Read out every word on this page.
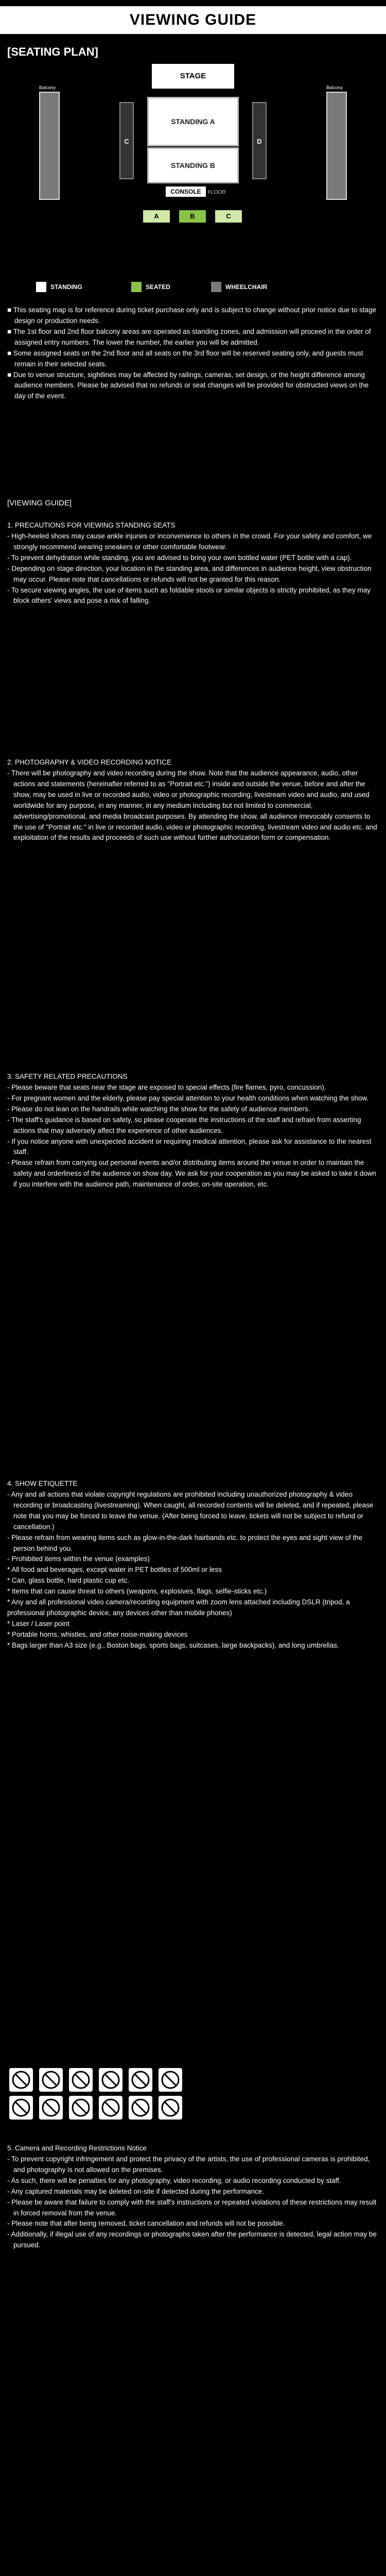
VIEWING GUIDE
[SEATING PLAN]
STAGE
Balcony	Balcony
C	D
STANDING A
STANDING B
CONSOLE	FLOOR
A	B	C
STANDING	SEATED	WHEELCHAIR

■ This seating map is for reference during ticket purchase only and is subject to change without prior notice due to stage design or production needs.

■ The 1st floor and 2nd floor balcony areas are operated as standing zones, and admission will proceed in the order of assigned entry numbers. The lower the number, the earlier you will be admitted.

■ Some assigned seats on the 2nd floor and all seats on the 3rd floor will be reserved seating only, and guests must remain in their selected seats.

■ Due to venue structure, sightlines may be affected by railings, cameras, set design, or the height difference among audience members. Please be advised that no refunds or seat changes will be provided for obstructed views on the day of the event.

[VIEWING GUIDE]

1. PRECAUTIONS FOR VIEWING STANDING SEATS

- High-heeled shoes may cause ankle injuries or inconvenience to others in the crowd. For your safety and comfort, we strongly recommend wearing sneakers or other comfortable footwear.

- To prevent dehydration while standing, you are advised to bring your own bottled water (PET bottle with a cap).

- Depending on stage direction, your location in the standing area, and differences in audience height, view obstruction may occur. Please note that cancellations or refunds will not be granted for this reason.

- To secure viewing angles, the use of items such as foldable stools or similar objects is strictly prohibited, as they may block others' views and pose a risk of falling.

2. PHOTOGRAPHY & VIDEO RECORDING NOTICE

- There will be photography and video recording during the show. Note that the audience appearance, audio, other actions and statements (hereinafter referred to as "Portrait etc.") inside and outside the venue, before and after the show, may be used in live or recorded audio, video or photographic recording, livestream video and audio, and used worldwide for any purpose, in any manner, in any medium including but not limited to commercial, advertising/promotional, and media broadcast purposes. By attending the show, all audience irrevocably consents to the use of "Portrait etc." in live or recorded audio, video or photographic recording, livestream video and audio etc. and exploitation of the results and proceeds of such use without further authorization form or compensation.

3. SAFETY RELATED PRECAUTIONS

- Please beware that seats near the stage are exposed to special effects (fire flames, pyro, concussion).

- For pregnant women and the elderly, please pay special attention to your health conditions when watching the show.

- Please do not lean on the handrails while watching the show for the safety of audience members.

- The staff's guidance is based on safety, so please cooperate the instructions of the staff and refrain from asserting actions that may adversely affect the experience of other audiences.

- If you notice anyone with unexpected accident or requiring medical attention, please ask for assistance to the nearest staff.

- Please refrain from carrying out personal events and/or distributing items around the venue in order to maintain the safety and orderliness of the audience on show day. We ask for your cooperation as you may be asked to take it down if you interfere with the audience path, maintenance of order, on-site operation, etc.

4. SHOW ETIQUETTE

- Any and all actions that violate copyright regulations are prohibited including unauthorized photography & video recording or broadcasting (livestreaming). When caught, all recorded contents will be deleted, and if repeated, please note that you may be forced to leave the venue. (After being forced to leave, tickets will not be subject to refund or cancellation.)

- Please refrain from wearing items such as glow-in-the-dark hairbands etc. to protect the eyes and sight view of the person behind you.

- Prohibited items within the venue (examples)

* All food and beverages, except water in PET bottles of 500ml or less

* Can, glass bottle, hard plastic cup etc.

* Items that can cause threat to others (weapons, explosives, flags, selfie-sticks etc.)

* Any and all professional video camera/recording equipment with zoom lens attached including DSLR (tripod, a professional photographic device, any devices other than mobile phones)

* Laser / Laser point

* Portable horns, whistles, and other noise-making devices

* Bags larger than A3 size (e.g., Boston bags, sports bags, suitcases, large backpacks), and long umbrellas.

5. Camera and Recording Restrictions Notice

- To prevent copyright infringement and protect the privacy of the artists, the use of professional cameras is prohibited, and photography is not allowed on the premises.

- As such, there will be penalties for any photography, video recording, or audio recording conducted by staff.

- Any captured materials may be deleted on-site if detected during the performance.

- Please be aware that failure to comply with the staff's instructions or repeated violations of these restrictions may result in forced removal from the venue.

- Please note that after being removed, ticket cancellation and refunds will not be possible.

- Additionally, if illegal use of any recordings or photographs taken after the performance is detected, legal action may be pursued.
